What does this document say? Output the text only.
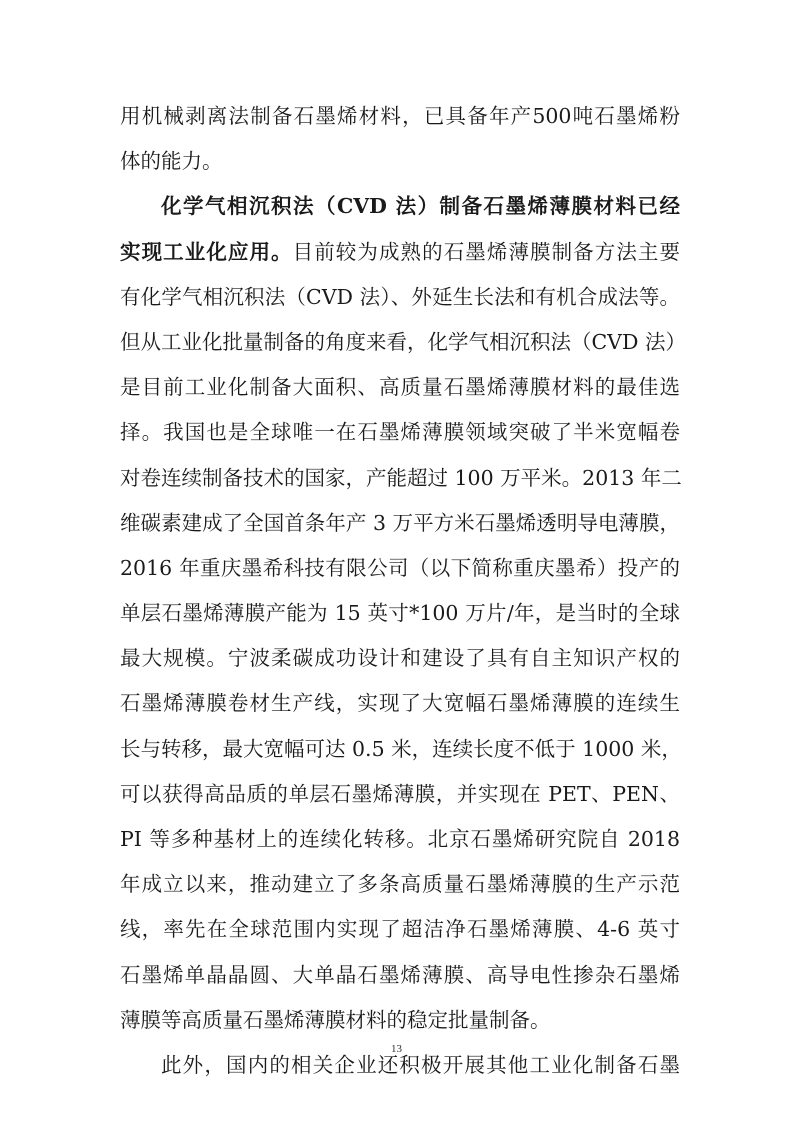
用机械剥离法制备石墨烯材料，已具备年产500吨石墨烯粉
体的能力。
化学气相沉积法（CVD 法）制备石墨烯薄膜材料已经
实现工业化应用。目前较为成熟的石墨烯薄膜制备方法主要
有化学气相沉积法（CVD 法）、外延生长法和有机合成法等。
但从工业化批量制备的角度来看，化学气相沉积法（CVD 法）
是目前工业化制备大面积、高质量石墨烯薄膜材料的最佳选
择。我国也是全球唯一在石墨烯薄膜领域突破了半米宽幅卷
对卷连续制备技术的国家，产能超过 100 万平米。2013 年二
维碳素建成了全国首条年产 3 万平方米石墨烯透明导电薄膜，
2016 年重庆墨希科技有限公司（以下简称重庆墨希）投产的
单层石墨烯薄膜产能为 15 英寸*100 万片/年，是当时的全球
最大规模。宁波柔碳成功设计和建设了具有自主知识产权的
石墨烯薄膜卷材生产线，实现了大宽幅石墨烯薄膜的连续生
长与转移，最大宽幅可达 0.5 米，连续长度不低于 1000 米，
可以获得高品质的单层石墨烯薄膜，并实现在 PET、PEN、
PI 等多种基材上的连续化转移。北京石墨烯研究院自 2018
年成立以来，推动建立了多条高质量石墨烯薄膜的生产示范
线，率先在全球范围内实现了超洁净石墨烯薄膜、4-6 英寸
石墨烯单晶晶圆、大单晶石墨烯薄膜、高导电性掺杂石墨烯
薄膜等高质量石墨烯薄膜材料的稳定批量制备。
此外，国内的相关企业还积极开展其他工业化制备石墨
13
